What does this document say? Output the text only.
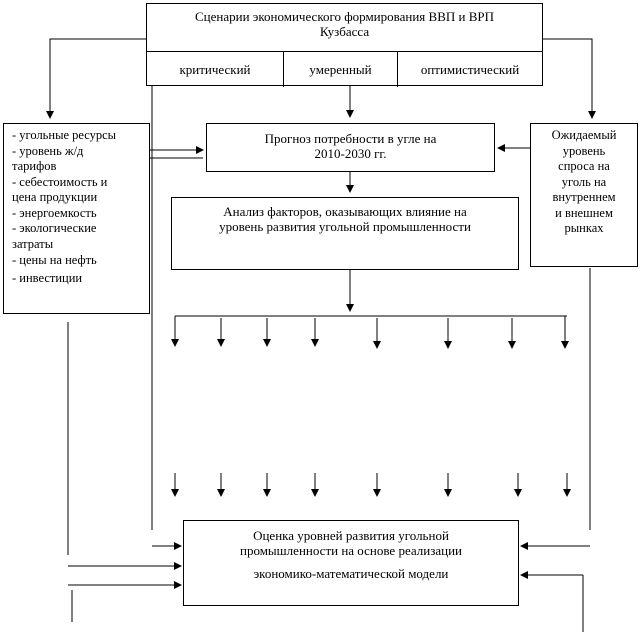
Сценарии экономического формирования ВВП и ВРП
Кузбасса
критический	умеренный	оптимистический
Прогноз потребности в угле на
2010-2030 гг.
Анализ факторов, оказывающих влияние на
уровень развития угольной промышленности
- угольные ресурсы
- уровень ж/д
тарифов
- себестоимость и
цена продукции
- энергоемкость
- экологические
затраты
- цены на нефть
- инвестиции
Ожидаемый
уровень
спроса на
уголь на
внутреннем
и внешнем
рынках
Оценка уровней развития угольной
промышленности на основе реализации
экономико-математической модели
